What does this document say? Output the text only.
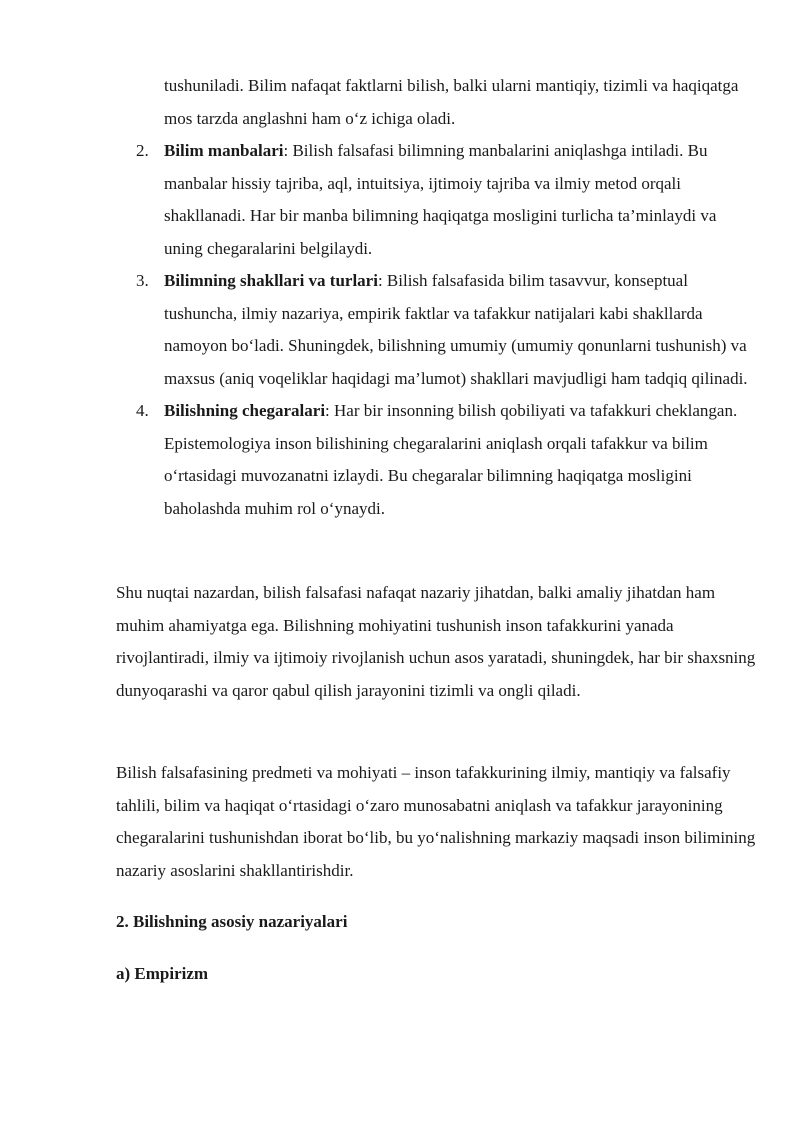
tushuniladi. Bilim nafaqat faktlarni bilish, balki ularni mantiqiy, tizimli va haqiqatga mos tarzda anglashni ham o‘z ichiga oladi.
2. Bilim manbalari: Bilish falsafasi bilimning manbalarini aniqlashga intiladi. Bu manbalar hissiy tajriba, aql, intuitsiya, ijtimoiy tajriba va ilmiy metod orqali shakllanadi. Har bir manba bilimning haqiqatga mosligini turlicha ta’minlaydi va uning chegaralarini belgilaydi.
3. Bilimning shakllari va turlari: Bilish falsafasida bilim tasavvur, konseptual tushuncha, ilmiy nazariya, empirik faktlar va tafakkur natijalari kabi shakllarda namoyon bo‘ladi. Shuningdek, bilishning umumiy (umumiy qonunlarni tushunish) va maxsus (aniq voqeliklar haqidagi ma’lumot) shakllari mavjudligi ham tadqiq qilinadi.
4. Bilishning chegaralari: Har bir insonning bilish qobiliyati va tafakkuri cheklangan. Epistemologiya inson bilishining chegaralarini aniqlash orqali tafakkur va bilim o‘rtasidagi muvozanatni izlaydi. Bu chegaralar bilimning haqiqatga mosligini baholashda muhim rol o‘ynaydi.

Shu nuqtai nazardan, bilish falsafasi nafaqat nazariy jihatdan, balki amaliy jihatdan ham muhim ahamiyatga ega. Bilishning mohiyatini tushunish inson tafakkurini yanada rivojlantiradi, ilmiy va ijtimoiy rivojlanish uchun asos yaratadi, shuningdek, har bir shaxsning dunyoqarashi va qaror qabul qilish jarayonini tizimli va ongli qiladi.

Bilish falsafasining predmeti va mohiyati – inson tafakkurining ilmiy, mantiqiy va falsafiy tahlili, bilim va haqiqat o‘rtasidagi o‘zaro munosabatni aniqlash va tafakkur jarayonining chegaralarini tushunishdan iborat bo‘lib, bu yo‘nalishning markaziy maqsadi inson bilimining nazariy asoslarini shakllantirishdir.

2. Bilishning asosiy nazariyalari

a) Empirizm
